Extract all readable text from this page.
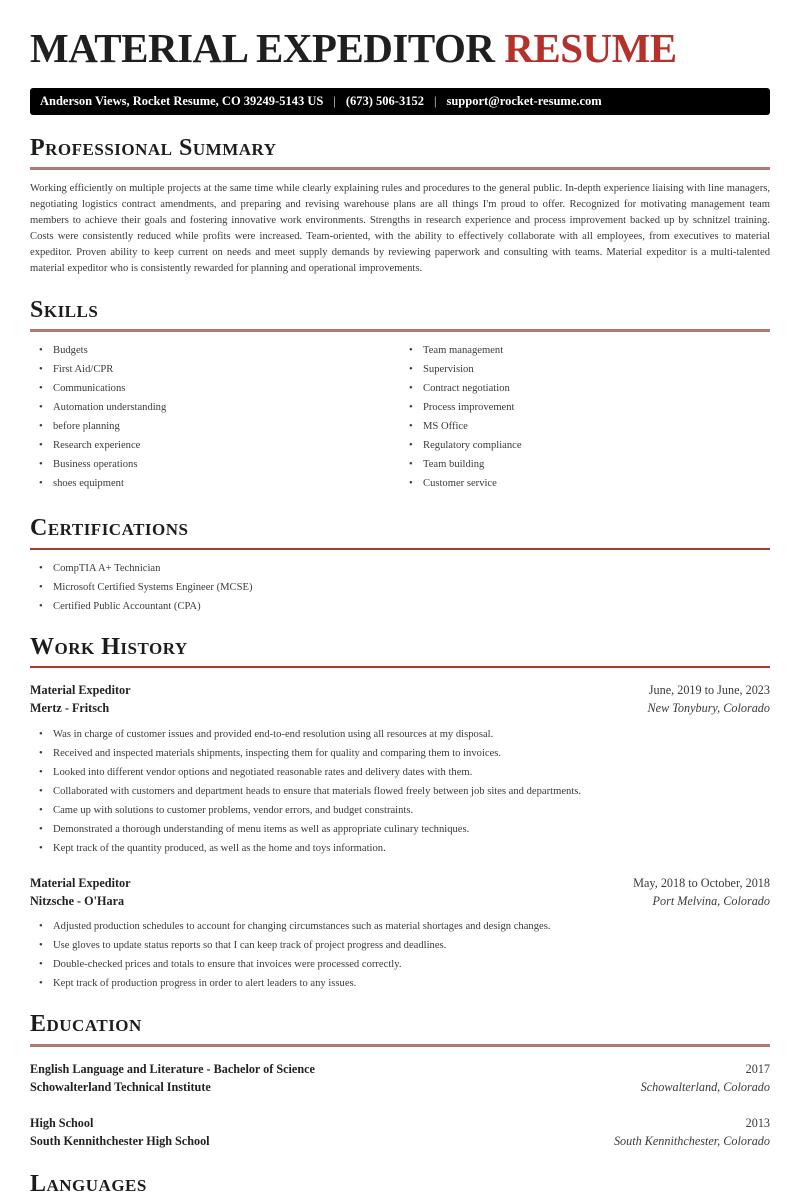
MATERIAL EXPEDITOR RESUME
Anderson Views, Rocket Resume, CO 39249-5143 US | (673) 506-3152 | support@rocket-resume.com
Professional Summary

Working efficiently on multiple projects at the same time while clearly explaining rules and procedures to the general public. In-depth experience liaising with line managers, negotiating logistics contract amendments, and preparing and revising warehouse plans are all things I'm proud to offer. Recognized for motivating management team members to achieve their goals and fostering innovative work environments. Strengths in research experience and process improvement backed up by schnitzel training. Costs were consistently reduced while profits were increased. Team-oriented, with the ability to effectively collaborate with all employees, from executives to material expeditor. Proven ability to keep current on needs and meet supply demands by reviewing paperwork and consulting with teams. Material expeditor is a multi-talented material expeditor who is consistently rewarded for planning and operational improvements.

Skills
• Budgets
• First Aid/CPR
• Communications
• Automation understanding
• before planning
• Research experience
• Business operations
• shoes equipment
• Team management
• Supervision
• Contract negotiation
• Process improvement
• MS Office
• Regulatory compliance
• Team building
• Customer service
Certifications
• CompTIA A+ Technician
• Microsoft Certified Systems Engineer (MCSE)
• Certified Public Accountant (CPA)
Work History
Material Expeditor	June, 2019 to June, 2023
Mertz - Fritsch	New Tonybury, Colorado
• Was in charge of customer issues and provided end-to-end resolution using all resources at my disposal.
• Received and inspected materials shipments, inspecting them for quality and comparing them to invoices.
• Looked into different vendor options and negotiated reasonable rates and delivery dates with them.
• Collaborated with customers and department heads to ensure that materials flowed freely between job sites and departments.
• Came up with solutions to customer problems, vendor errors, and budget constraints.
• Demonstrated a thorough understanding of menu items as well as appropriate culinary techniques.
• Kept track of the quantity produced, as well as the home and toys information.
Material Expeditor	May, 2018 to October, 2018
Nitzsche - O'Hara	Port Melvina, Colorado
• Adjusted production schedules to account for changing circumstances such as material shortages and design changes.
• Use gloves to update status reports so that I can keep track of project progress and deadlines.
• Double-checked prices and totals to ensure that invoices were processed correctly.
• Kept track of production progress in order to alert leaders to any issues.
Education
English Language and Literature - Bachelor of Science	2017
Schowalterland Technical Institute	Schowalterland, Colorado
High School	2013
South Kennithchester High School	South Kennithchester, Colorado
Languages
